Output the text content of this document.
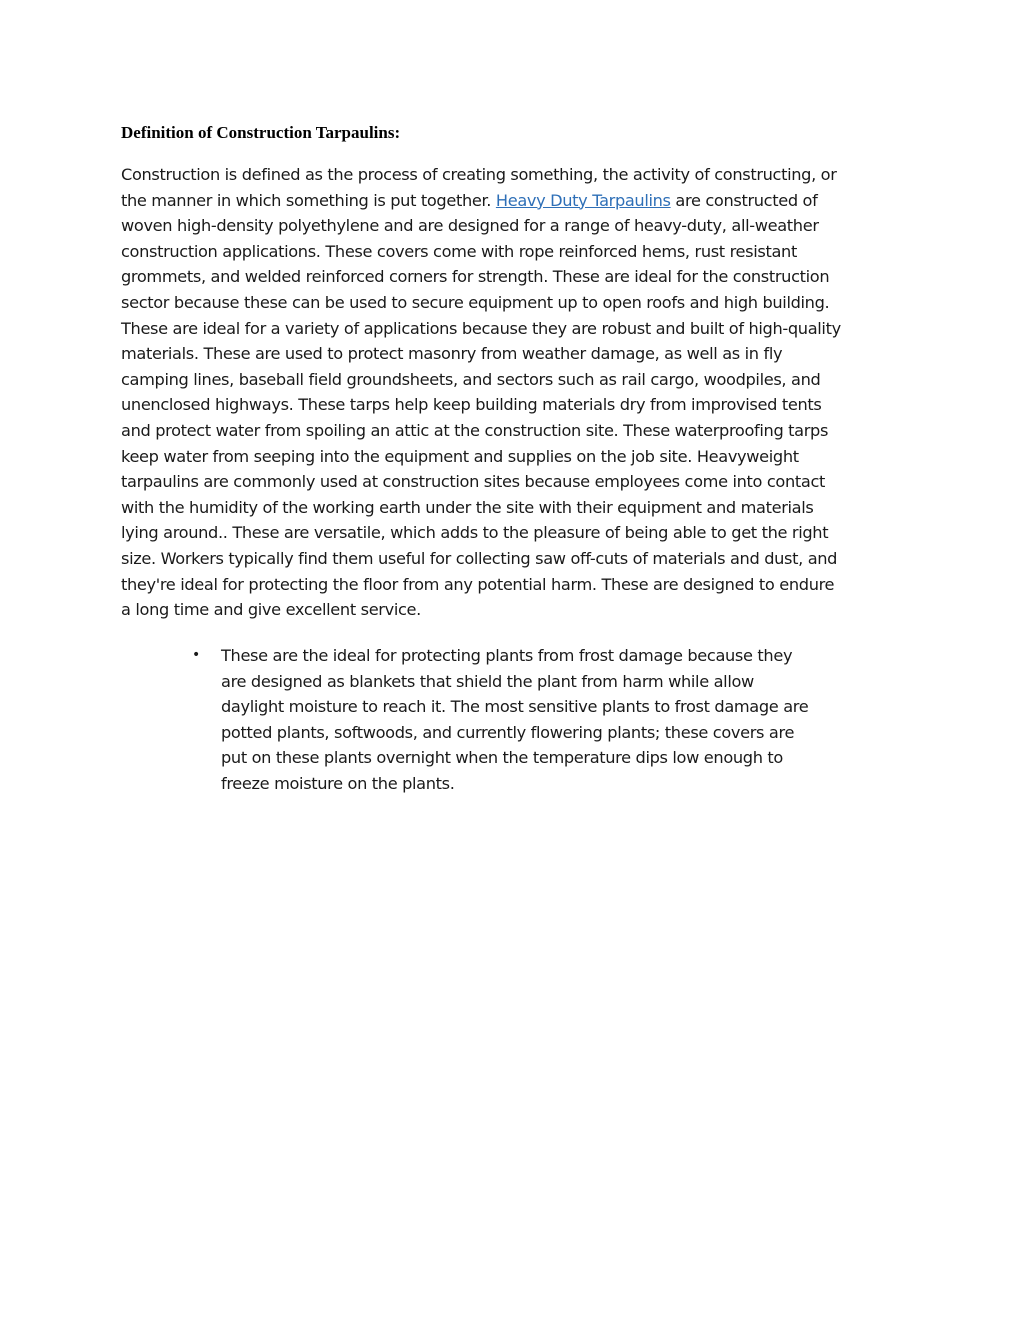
Definition of Construction Tarpaulins:
Construction is defined as the process of creating something, the activity of constructing, or
the manner in which something is put together. Heavy Duty Tarpaulins are constructed of
woven high-density polyethylene and are designed for a range of heavy-duty, all-weather
construction applications. These covers come with rope reinforced hems, rust resistant
grommets, and welded reinforced corners for strength. These are ideal for the construction
sector because these can be used to secure equipment up to open roofs and high building.
These are ideal for a variety of applications because they are robust and built of high-quality
materials. These are used to protect masonry from weather damage, as well as in fly
camping lines, baseball field groundsheets, and sectors such as rail cargo, woodpiles, and
unenclosed highways. These tarps help keep building materials dry from improvised tents
and protect water from spoiling an attic at the construction site. These waterproofing tarps
keep water from seeping into the equipment and supplies on the job site. Heavyweight
tarpaulins are commonly used at construction sites because employees come into contact
with the humidity of the working earth under the site with their equipment and materials
lying around.. These are versatile, which adds to the pleasure of being able to get the right
size. Workers typically find them useful for collecting saw off-cuts of materials and dust, and
they're ideal for protecting the floor from any potential harm. These are designed to endure
a long time and give excellent service.
• These are the ideal for protecting plants from frost damage because they
are designed as blankets that shield the plant from harm while allow
daylight moisture to reach it. The most sensitive plants to frost damage are
potted plants, softwoods, and currently flowering plants; these covers are
put on these plants overnight when the temperature dips low enough to
freeze moisture on the plants.
